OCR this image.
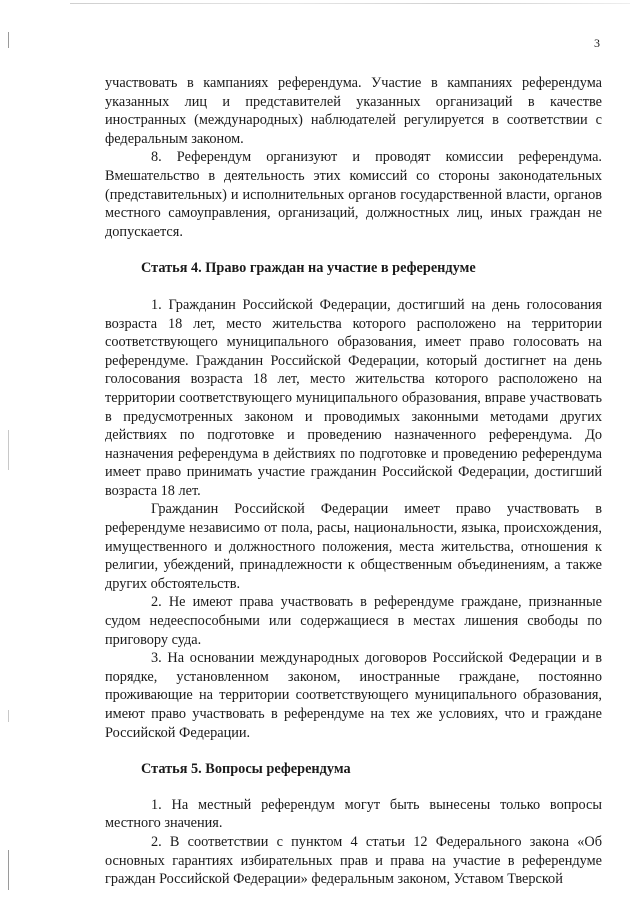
3

участвовать в кампаниях референдума. Участие в кампаниях референдума указанных лиц и представителей указанных организаций в качестве иностранных (международных) наблюдателей регулируется в соответствии с федеральным законом.

8. Референдум организуют и проводят комиссии референдума. Вмешательство в деятельность этих комиссий со стороны законодательных (представительных) и исполнительных органов государственной власти, органов местного самоуправления, организаций, должностных лиц, иных граждан не допускается.

Статья 4. Право граждан на участие в референдуме

1. Гражданин Российской Федерации, достигший на день голосования возраста 18 лет, место жительства которого расположено на территории соответствующего муниципального образования, имеет право голосовать на референдуме. Гражданин Российской Федерации, который достигнет на день голосования возраста 18 лет, место жительства которого расположено на территории соответствующего муниципального образования, вправе участвовать в предусмотренных законом и проводимых законными методами других действиях по подготовке и проведению назначенного референдума. До назначения референдума в действиях по подготовке и проведению референдума имеет право принимать участие гражданин Российской Федерации, достигший возраста 18 лет.

Гражданин Российской Федерации имеет право участвовать в референдуме независимо от пола, расы, национальности, языка, происхождения, имущественного и должностного положения, места жительства, отношения к религии, убеждений, принадлежности к общественным объединениям, а также других обстоятельств.

2. Не имеют права участвовать в референдуме граждане, признанные судом недееспособными или содержащиеся в местах лишения свободы по приговору суда.

3. На основании международных договоров Российской Федерации и в порядке, установленном законом, иностранные граждане, постоянно проживающие на территории соответствующего муниципального образования, имеют право участвовать в референдуме на тех же условиях, что и граждане Российской Федерации.

Статья 5. Вопросы референдума

1. На местный референдум могут быть вынесены только вопросы местного значения.

2. В соответствии с пунктом 4 статьи 12 Федерального закона «Об основных гарантиях избирательных прав и права на участие в референдуме граждан Российской Федерации» федеральным законом, Уставом Тверской
